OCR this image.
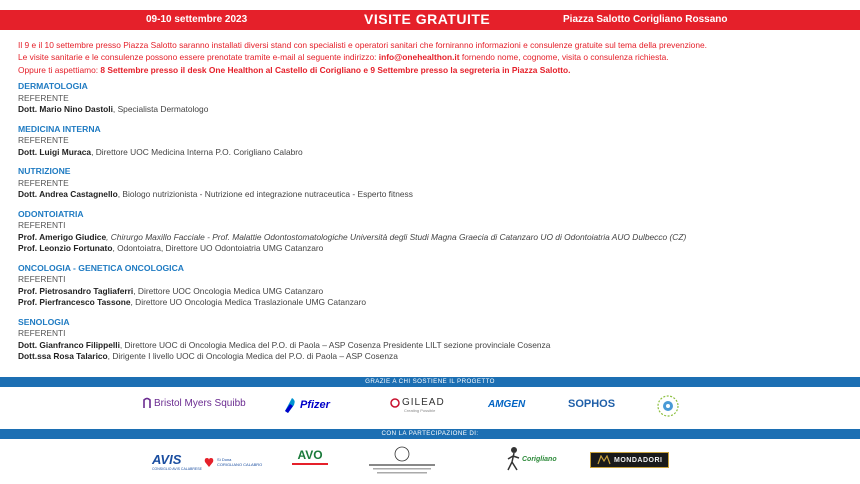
09-10 settembre 2023	VISITE GRATUITE	Piazza Salotto Corigliano Rossano
Il 9 e il 10 settembre presso Piazza Salotto saranno installati diversi stand con specialisti e operatori sanitari che forniranno informazioni e consulenze gratuite sul tema della prevenzione.
Le visite sanitarie e le consulenze possono essere prenotate tramite e-mail al seguente indirizzo: info@onehealthon.it fornendo nome, cognome, visita o consulenza richiesta.
Oppure ti aspettiamo: 8 Settembre presso il desk One Healthon al Castello di Corigliano e 9 Settembre presso la segreteria in Piazza Salotto.
DERMATOLOGIA
REFERENTE
Dott. Mario Nino Dastoli, Specialista Dermatologo
MEDICINA INTERNA
REFERENTE
Dott. Luigi Muraca, Direttore UOC Medicina Interna P.O. Corigliano Calabro
NUTRIZIONE
REFERENTE
Dott. Andrea Castagnello, Biologo nutrizionista - Nutrizione ed integrazione nutraceutica - Esperto fitness
ODONTOIATRIA
REFERENTI
Prof. Amerigo Giudice, Chirurgo Maxillo Facciale - Prof. Malattie Odontostomatologiche Università degli Studi Magna Graecia di Catanzaro UO di Odontoiatria AUO Dulbecco (CZ)
Prof. Leonzio Fortunato, Odontoiatra, Direttore UO Odontoiatria UMG Catanzaro
ONCOLOGIA - GENETICA ONCOLOGICA
REFERENTI
Prof. Pietrosandro Tagliaferri, Direttore UOC Oncologia Medica UMG Catanzaro
Prof. Pierfrancesco Tassone, Direttore UO Oncologia Medica Traslazionale UMG Catanzaro
SENOLOGIA
REFERENTI
Dott. Gianfranco Filippelli, Direttore UOC di Oncologia Medica del P.O. di Paola – ASP Cosenza Presidente LILT sezione provinciale Cosenza
Dott.ssa Rosa Talarico, Dirigente I livello UOC di Oncologia Medica del P.O. di Paola – ASP Cosenza
GRAZIE A CHI SOSTIENE IL PROGETTO
Bristol Myers Squibb	Pfizer	GILEAD
Creating Possible
AMGEN	SOPHOS
CON LA PARTECIPAZIONE DI:
AVIS
CONSIGLIO AVIS CALABRESE
Sì Dona
CORIGLIANO CALABRO
AVO	Corigliano	MONDADORI
